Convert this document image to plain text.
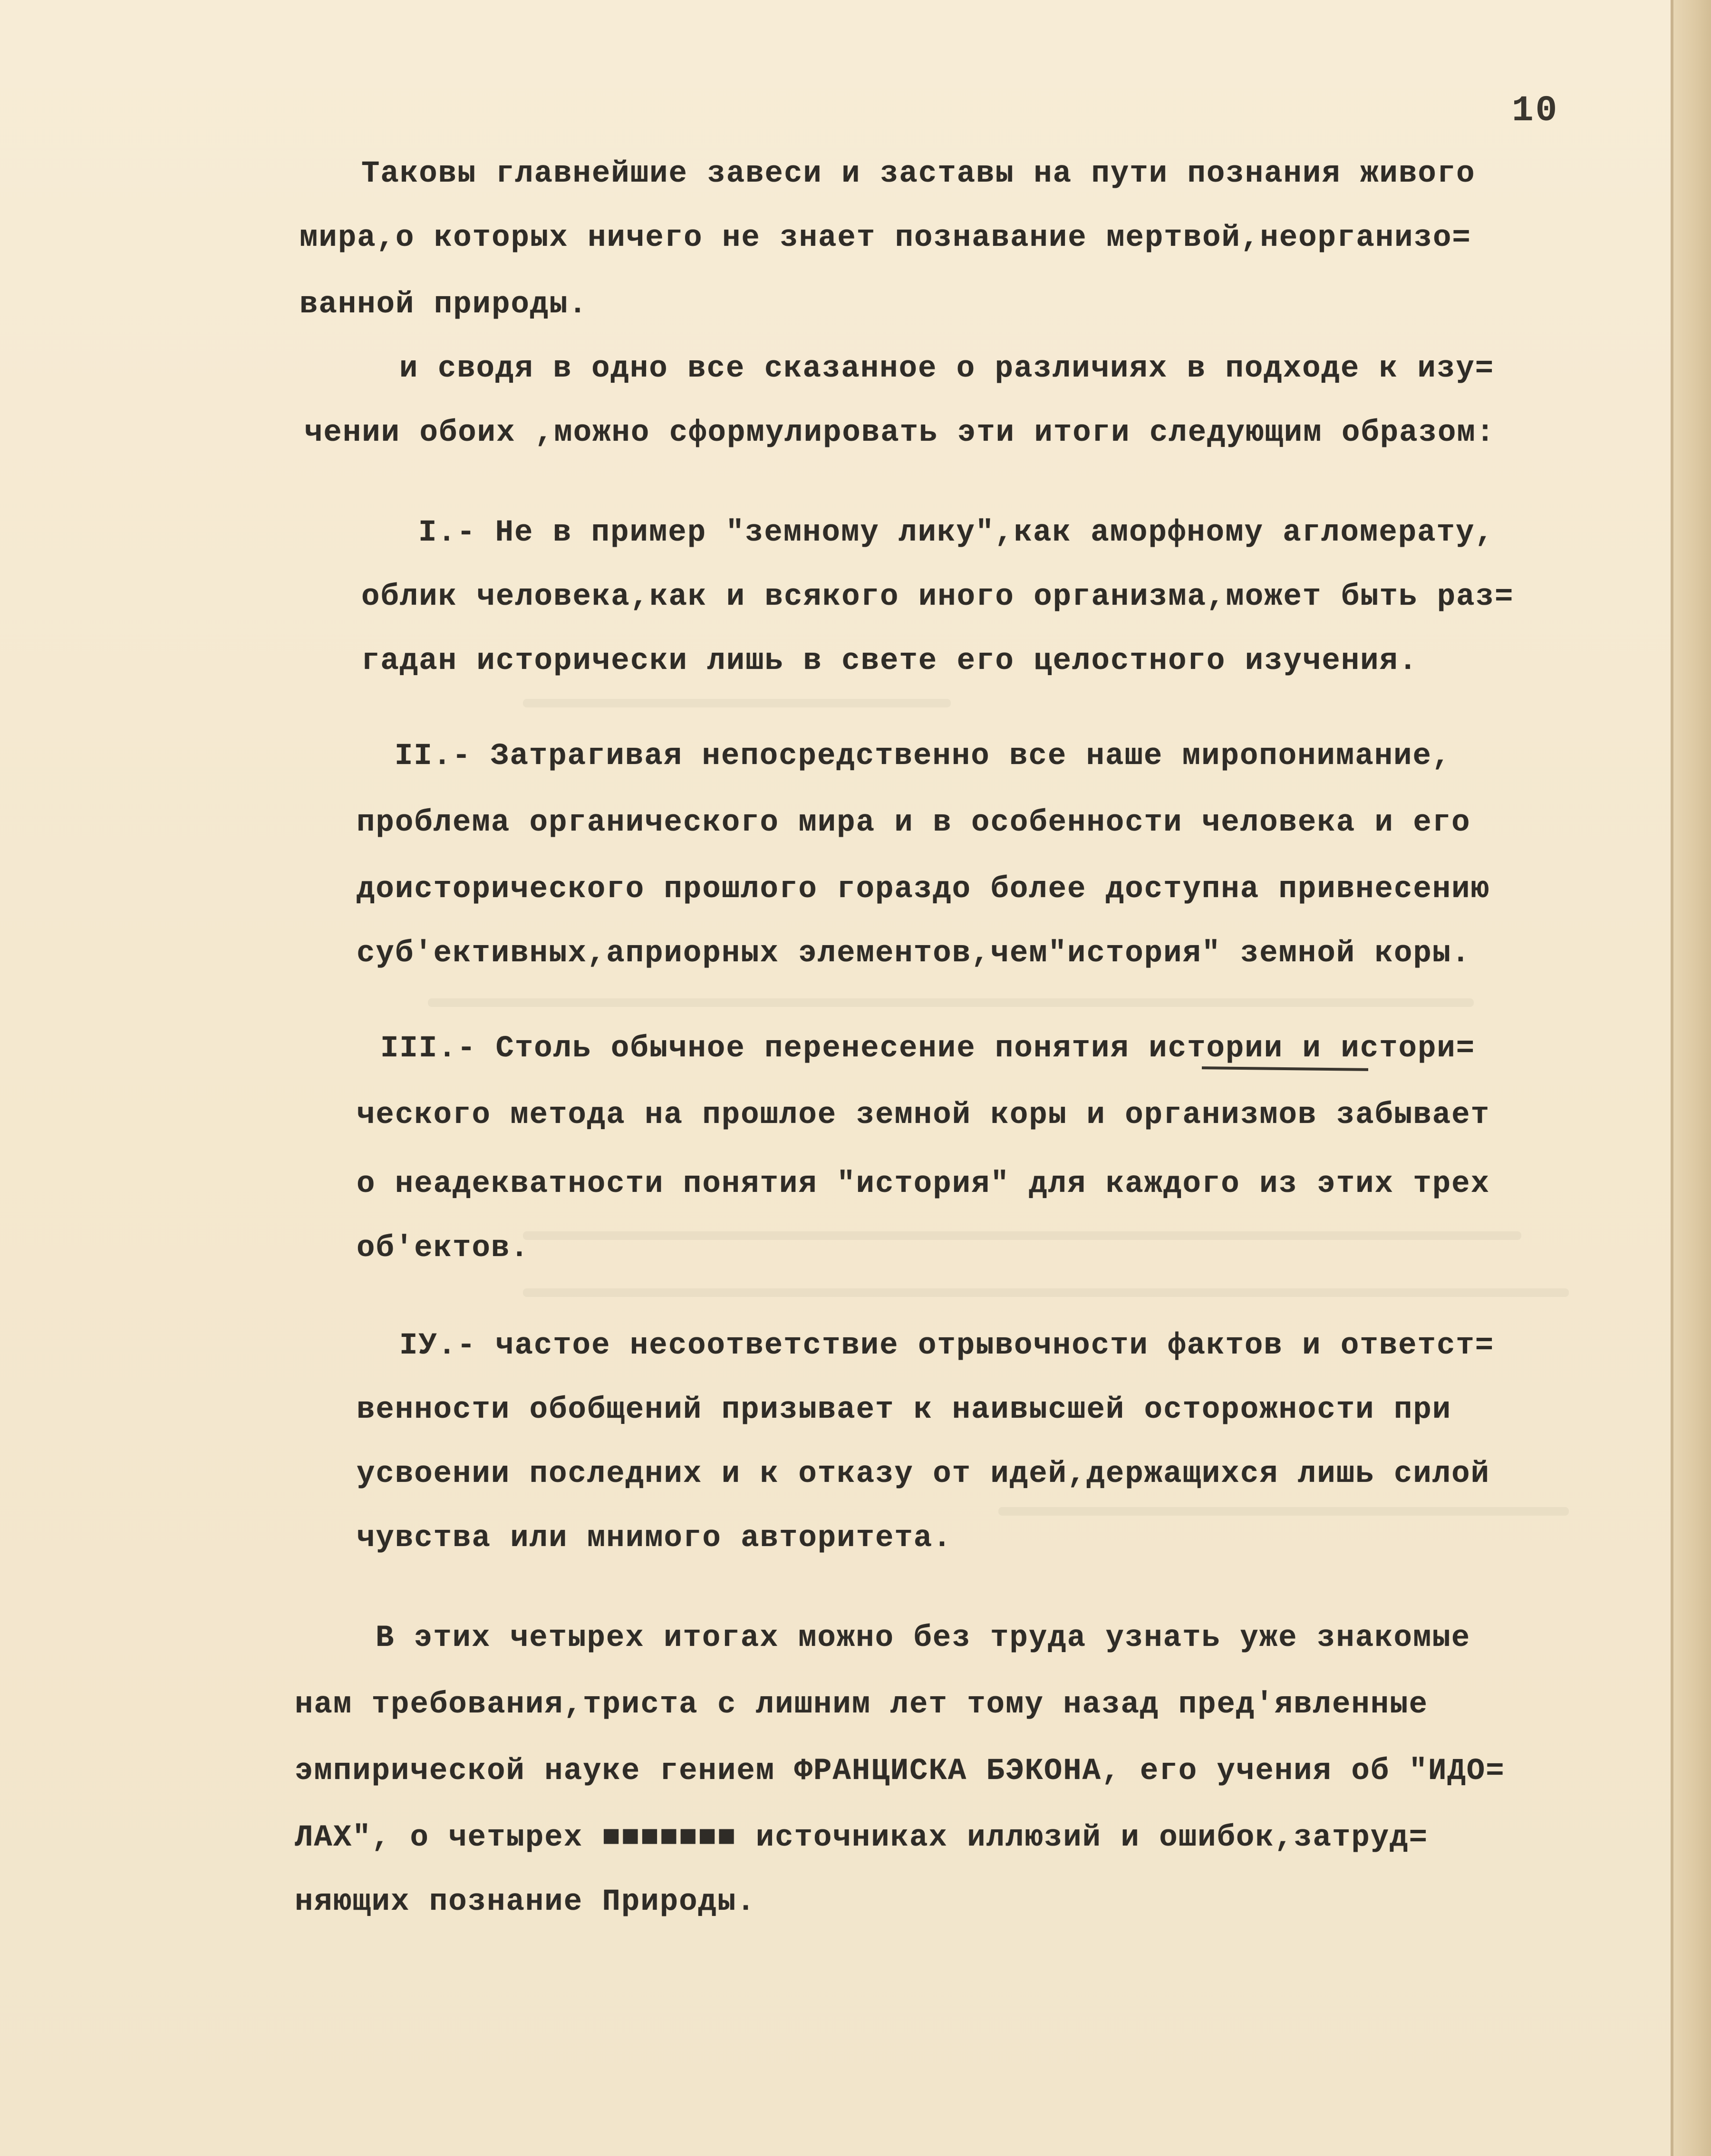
10
Таковы главнейшие завеси и заставы на пути познания живого
мира,о которых ничего не знает познавание мертвой,неорганизо=
ванной природы.
и сводя в одно все сказанное о различиях в подходе к изу=
чении обоих ,можно сформулировать эти итоги следующим образом:
I.- Не в пример "земному лику",как аморфному агломерату,
облик человека,как и всякого иного организма,может быть раз=
гадан исторически лишь в свете его целостного изучения.
II.- Затрагивая непосредственно все наше миропонимание,
проблема органического мира и в особенности человека и его
доисторического прошлого гораздо более доступна привнесению
суб'ективных,априорных элементов,чем"история" земной коры.
III.- Столь обычное перенесение понятия истории и истори=
ческого метода на прошлое земной коры и организмов забывает
о неадекватности понятия "история" для каждого из этих трех
об'ектов.
IУ.- частое несоответствие отрывочности фактов и ответст=
венности обобщений призывает к наивысшей осторожности при
усвоении последних и к отказу от идей,держащихся лишь силой
чувства или мнимого авторитета.
В этих четырех итогах можно без труда узнать уже знакомые
нам требования,триста с лишним лет тому назад пред'явленные
эмпирической науке гением ФРАНЦИСКА БЭКОНА, его учения об "ИДО=
ЛАХ", о четырех ■■■■■■■ источниках иллюзий и ошибок,затруд=
няющих познание Природы.
